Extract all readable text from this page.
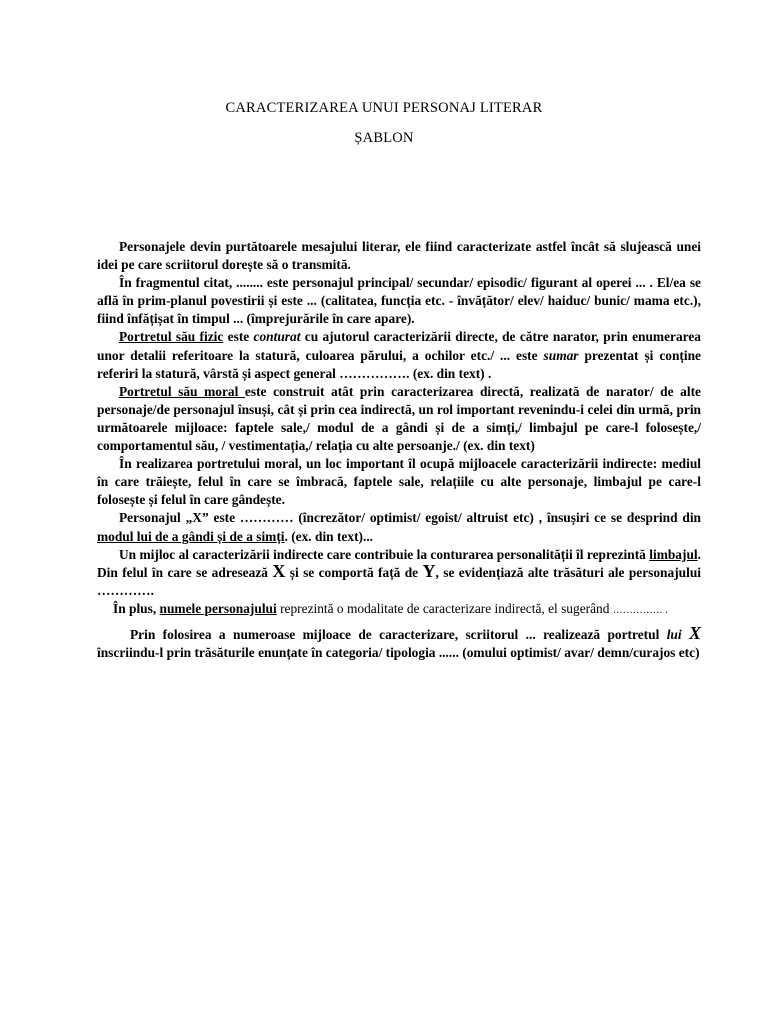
CARACTERIZAREA UNUI PERSONAJ LITERAR
ȘABLON

Personajele devin purtătoarele mesajului literar, ele fiind caracterizate astfel încât să slujească unei idei pe care scriitorul dorește să o transmită.

În fragmentul citat, ........ este personajul principal/ secundar/ episodic/ figurant al operei ... . El/ea se află în prim-planul povestirii și este ... (calitatea, funcția etc. - învățător/ elev/ haiduc/ bunic/ mama etc.), fiind înfățișat în timpul ... (împrejurările în care apare).

Portretul său fizic este conturat cu ajutorul caracterizării directe, de către narator, prin enumerarea unor detalii referitoare la statură, culoarea părului, a ochilor etc./ ... este sumar prezentat și conține referiri la statură, vârstă și aspect general ……………. (ex. din text) .

Portretul său moral este construit atât prin caracterizarea directă, realizată de narator/ de alte personaje/de personajul însuși, cât și prin cea indirectă, un rol important revenindu-i celei din urmă, prin următoarele mijloace: faptele sale,/ modul de a gândi și de a simți,/ limbajul pe care-l folosește,/ comportamentul său, / vestimentația,/ relația cu alte persoanje./ (ex. din text)

În realizarea portretului moral, un loc important îl ocupă mijloacele caracterizării indirecte: mediul în care trăiește, felul în care se îmbracă, faptele sale, relațiile cu alte personaje, limbajul pe care-l folosește și felul în care gândește.

Personajul „X” este ………… (încrezător/ optimist/ egoist/ altruist etc) , însușiri ce se desprind din modul lui de a gândi și de a simți. (ex. din text)...

Un mijloc al caracterizării indirecte care contribuie la conturarea personalității îl reprezintă limbajul. Din felul în care se adresează X și se comportă față de Y, se evidențiază alte trăsături ale personajului ………….

În plus, numele personajului reprezintă o modalitate de caracterizare indirectă, el sugerând …………… .

Prin folosirea a numeroase mijloace de caracterizare, scriitorul ... realizează portretul lui X înscriindu-l prin trăsăturile enunțate în categoria/ tipologia ...... (omului optimist/ avar/ demn/curajos etc)
